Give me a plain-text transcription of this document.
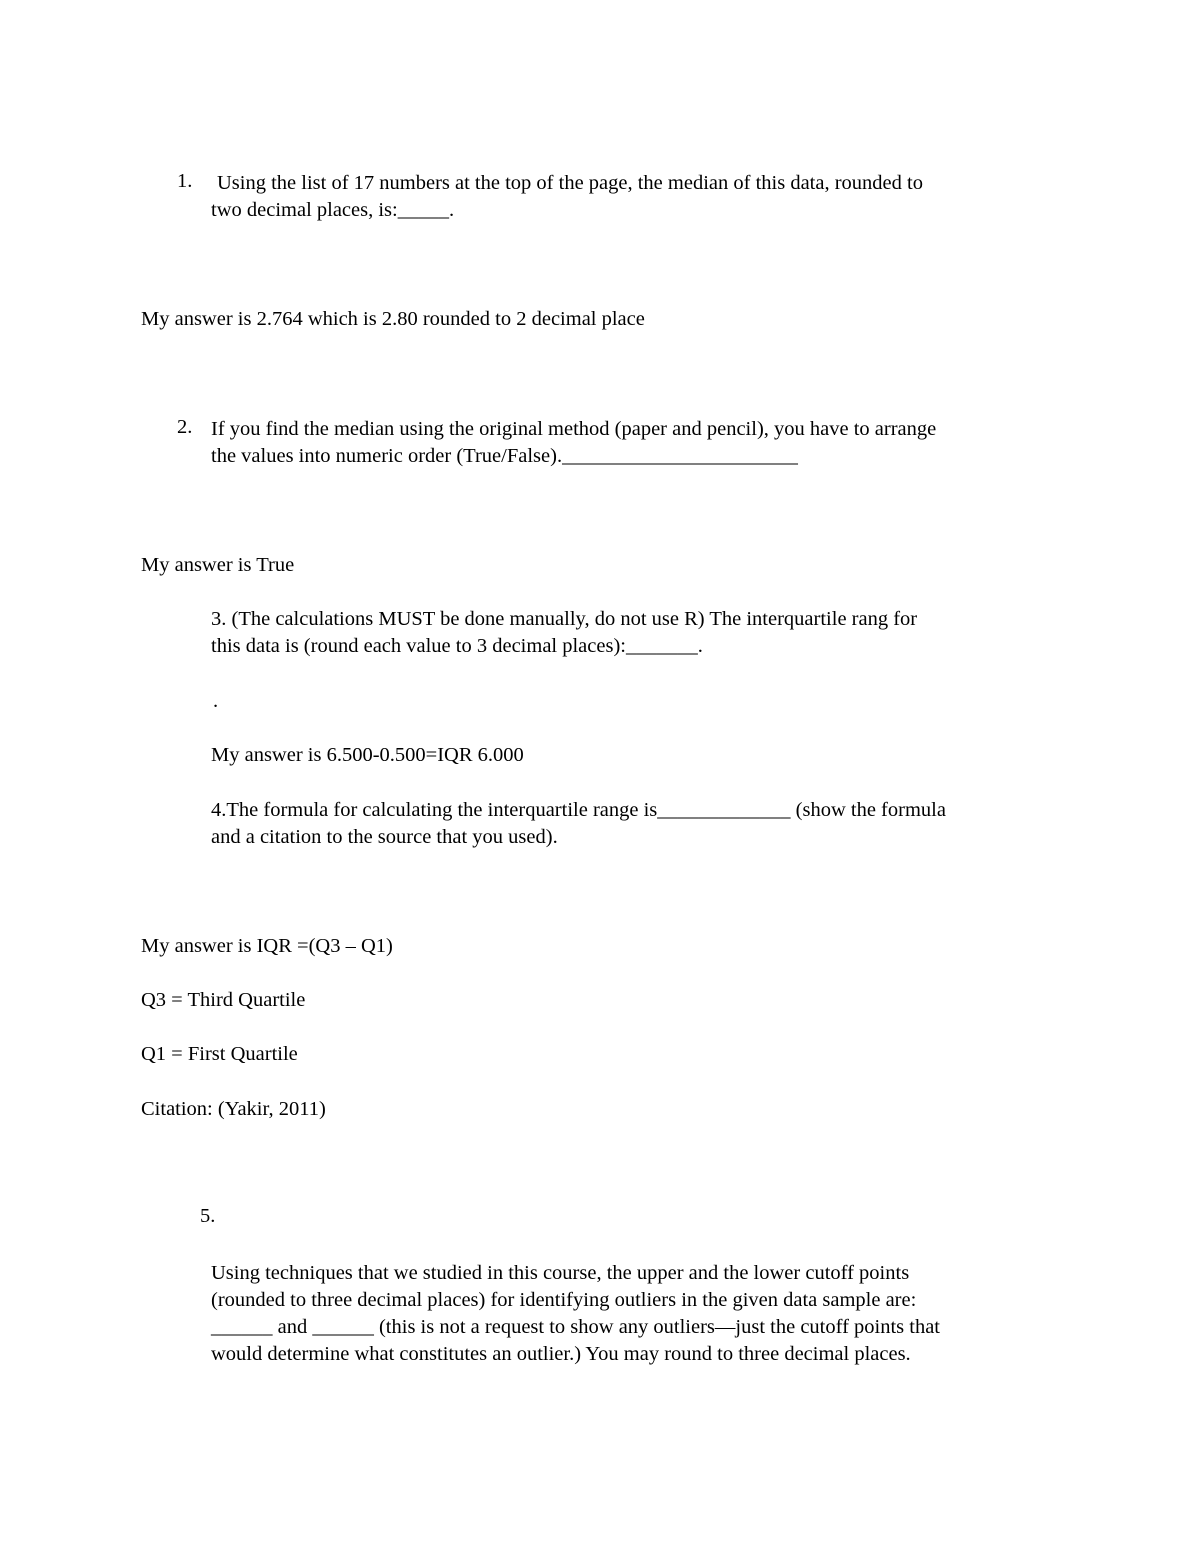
1. Using the list of 17 numbers at the top of the page, the median of this data, rounded to
two decimal places, is:_____.
My answer is 2.764 which is 2.80 rounded to 2 decimal place
2. If you find the median using the original method (paper and pencil), you have to arrange
the values into numeric order (True/False)._______________________
My answer is True
3. (The calculations MUST be done manually, do not use R) The interquartile rang for
this data is (round each value to 3 decimal places):_______.
.
My answer is 6.500-0.500=IQR 6.000
4.The formula for calculating the interquartile range is_____________ (show the formula
and a citation to the source that you used).
My answer is IQR =(Q3 – Q1)
Q3 = Third Quartile
Q1 = First Quartile
Citation: (Yakir, 2011)
5.
Using techniques that we studied in this course, the upper and the lower cutoff points
(rounded to three decimal places) for identifying outliers in the given data sample are:
______ and ______ (this is not a request to show any outliers—just the cutoff points that
would determine what constitutes an outlier.) You may round to three decimal places.
